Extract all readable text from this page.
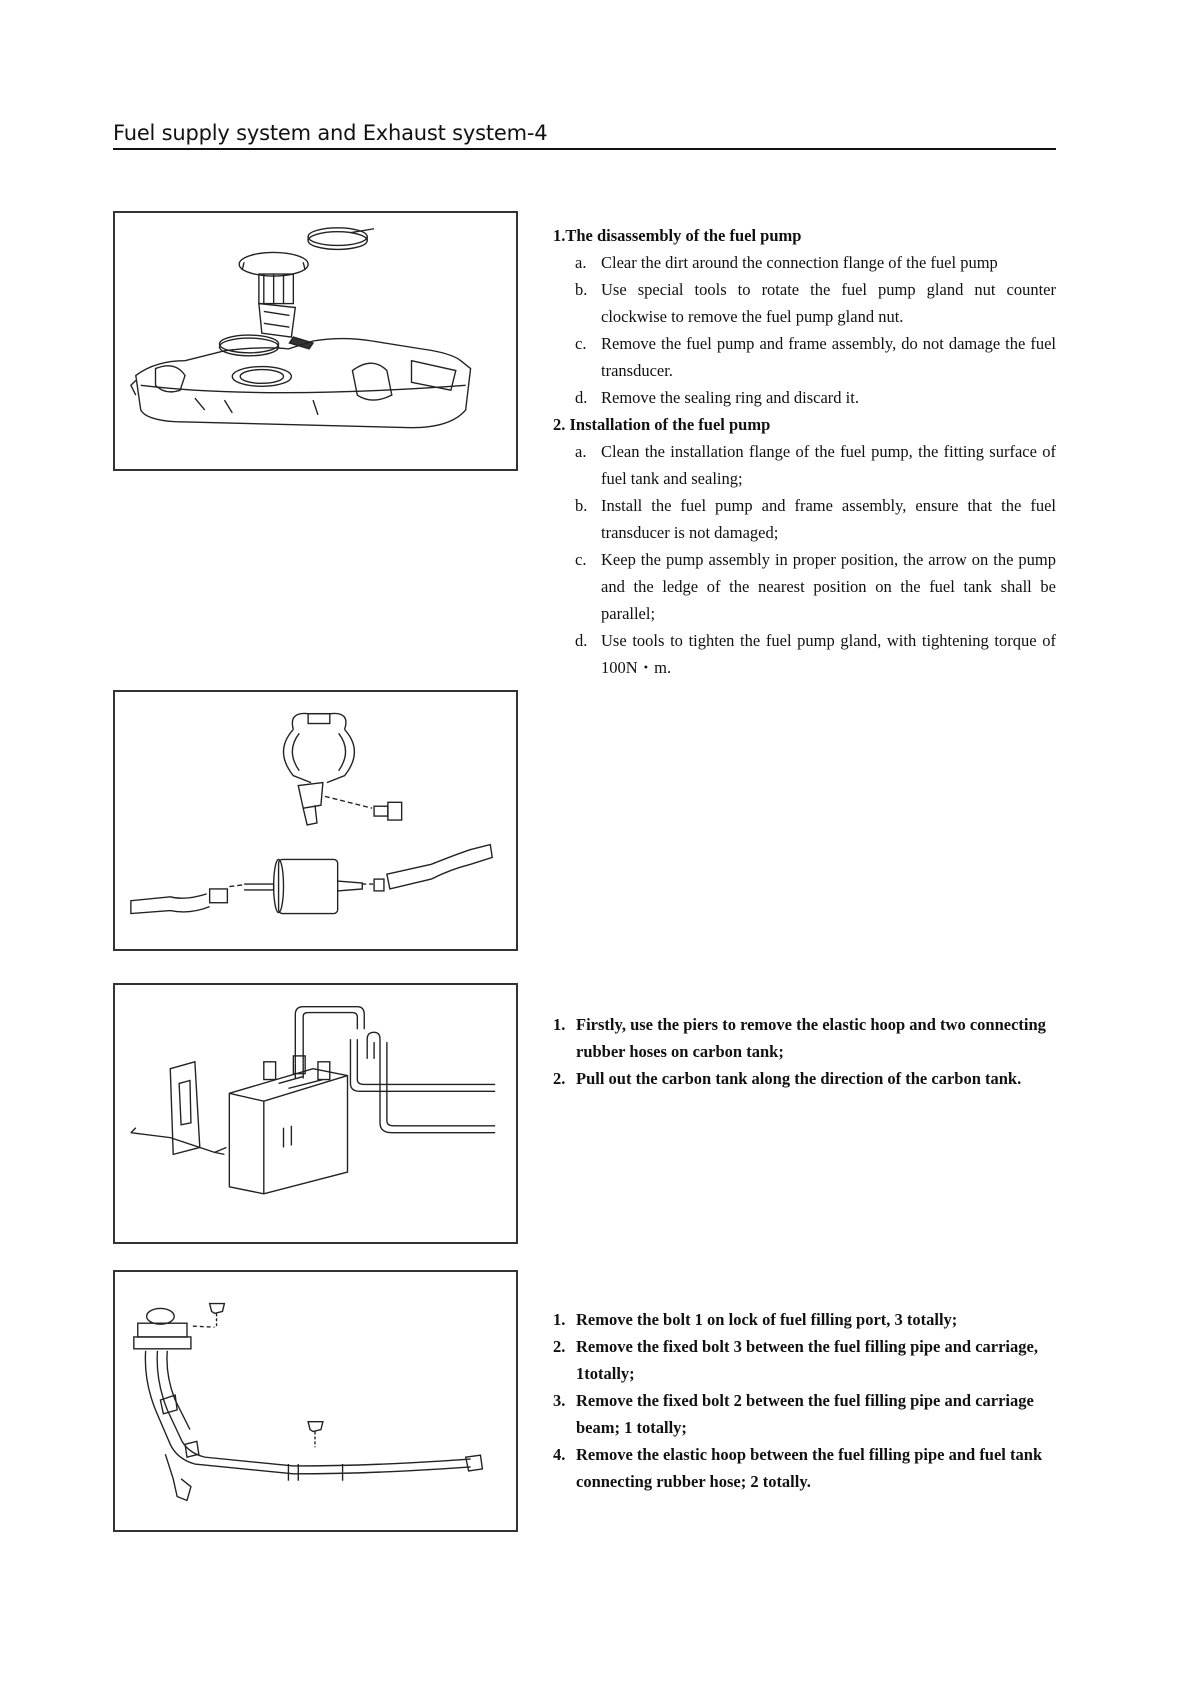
Fuel supply system and Exhaust system-4
1.The disassembly of the fuel pump
a. Clear the dirt around the connection flange of the fuel pump
b. Use special tools to rotate the fuel pump gland nut counter clockwise to remove the fuel pump gland nut.
c. Remove the fuel pump and frame assembly, do not damage the fuel transducer.
d. Remove the sealing ring and discard it.
2. Installation of the fuel pump
a. Clean the installation flange of the fuel pump, the fitting surface of fuel tank and sealing;
b. Install the fuel pump and frame assembly, ensure that the fuel transducer is not damaged;
c. Keep the pump assembly in proper position, the arrow on the pump and the ledge of the nearest position on the fuel tank shall be parallel;
d. Use tools to tighten the fuel pump gland, with tightening torque of 100N・m.
1. Firstly, use the piers to remove the elastic hoop and two connecting rubber hoses on carbon tank;
2. Pull out the carbon tank along the direction of the carbon tank.
1. Remove the bolt 1 on lock of fuel filling port, 3 totally;
2. Remove the fixed bolt 3 between the fuel filling pipe and carriage, 1totally;
3. Remove the fixed bolt 2 between the fuel filling pipe and carriage beam; 1 totally;
4. Remove the elastic hoop between the fuel filling pipe and fuel tank connecting rubber hose; 2 totally.
